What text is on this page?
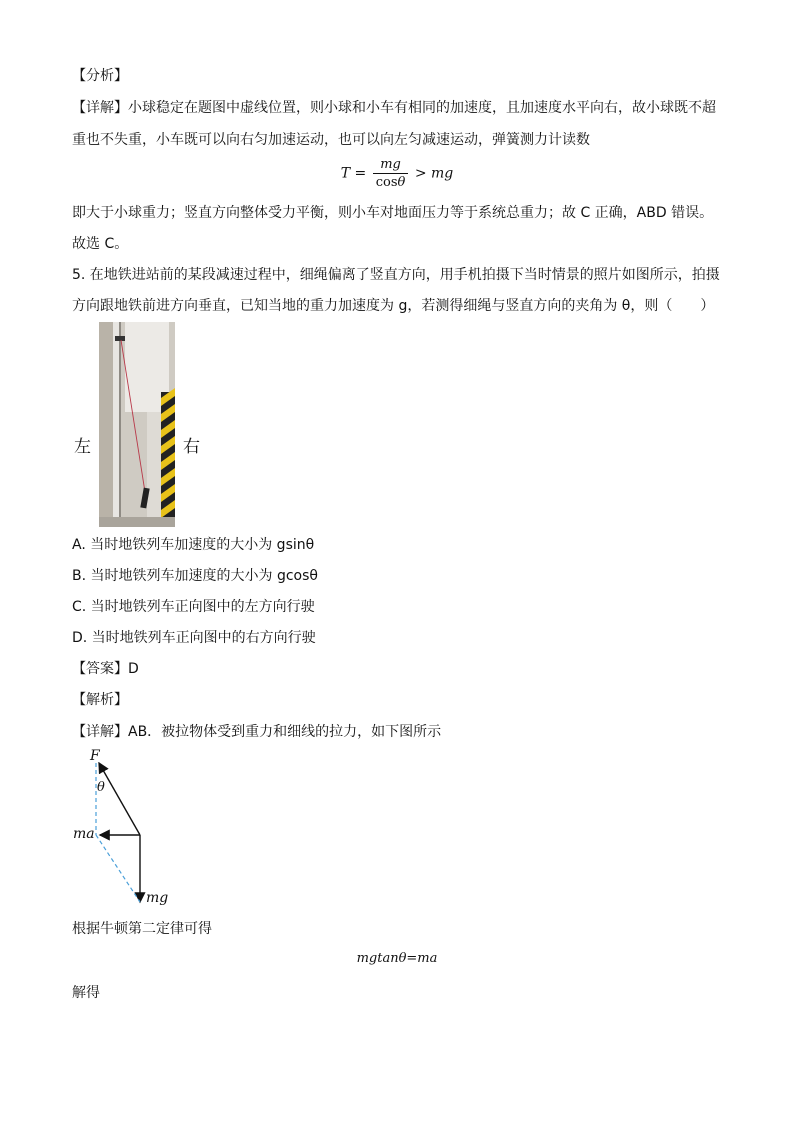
【分析】
【详解】小球稳定在题图中虚线位置，则小球和小车有相同的加速度，且加速度水平向右，故小球既不超
重也不失重，小车既可以向右匀加速运动，也可以向左匀减速运动，弹簧测力计读数
$T = \frac{mg}{\cos\theta}$ > mg
即大于小球重力；竖直方向整体受力平衡，则小车对地面压力等于系统总重力；故 C 正确，ABD 错误。
故选 C。
5. 在地铁进站前的某段减速过程中，细绳偏离了竖直方向，用手机拍摄下当时情景的照片如图所示，拍摄
方向跟地铁前进方向垂直，已知当地的重力加速度为 g，若测得细绳与竖直方向的夹角为 θ，则（　　）
左	右
A. 当时地铁列车加速度的大小为 gsinθ
B. 当时地铁列车加速度的大小为 gcosθ
C. 当时地铁列车正向图中的左方向行驶
D. 当时地铁列车正向图中的右方向行驶
【答案】D
【解析】
【详解】AB．被拉物体受到重力和细线的拉力，如下图所示
F
θ
ma
mg
根据牛顿第二定律可得
mgtanθ=ma
解得
